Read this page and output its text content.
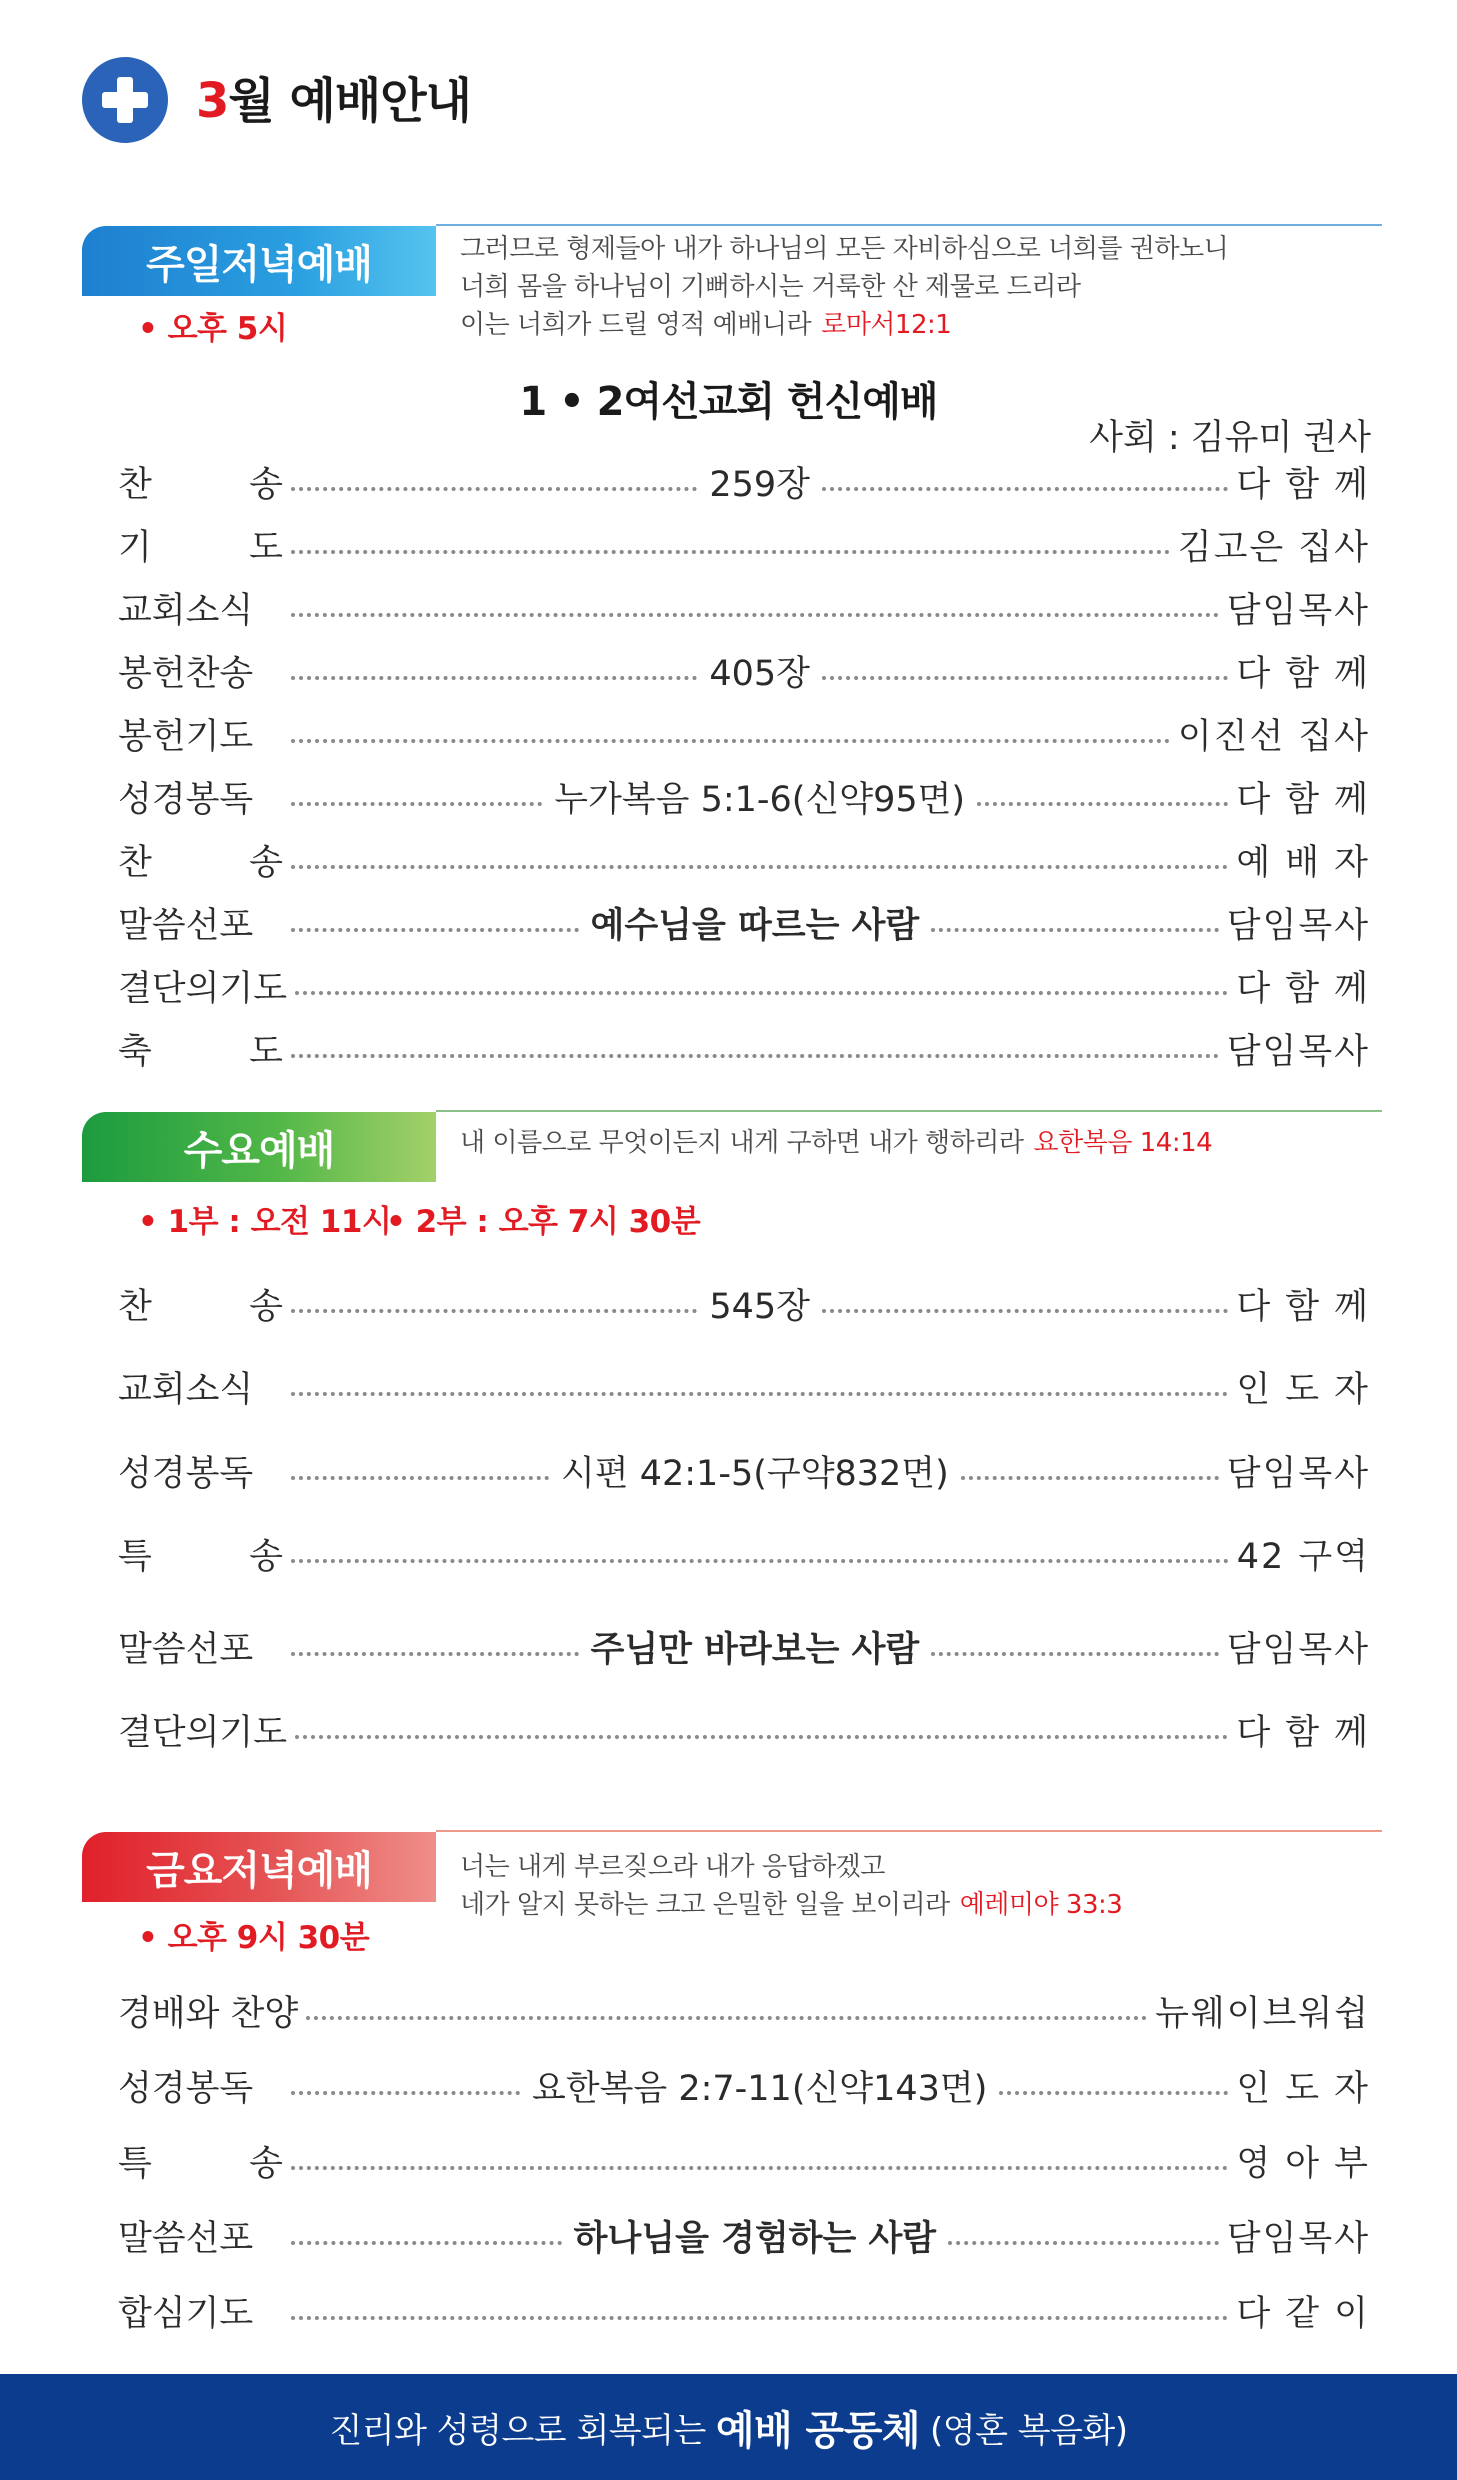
3월 예배안내
주일저녁예배	그러므로 형제들아 내가 하나님의 모든 자비하심으로 너희를 권하노니
너희 몸을 하나님이 기뻐하시는 거룩한 산 제물로 드리라
이는 너희가 드릴 영적 예배니라 로마서12:1
• 오후 5시
1 • 2여선교회 헌신예배
사회 : 김유미 권사
찬　　송	259장	다 함 께
기　　도	김고은 집사
교회소식	담임목사
봉헌찬송	405장	다 함 께
봉헌기도	이진선 집사
성경봉독	누가복음 5:1-6(신약95면)	다 함 께
찬　　송	예 배 자
말씀선포	예수님을 따르는 사람	담임목사
결단의기도	다 함 께
축　　도	담임목사
수요예배	내 이름으로 무엇이든지 내게 구하면 내가 행하리라 요한복음 14:14
• 1부 : 오전 11시
• 2부 : 오후 7시 30분
찬　　송	545장	다 함 께
교회소식	인 도 자
성경봉독	시편 42:1-5(구약832면)	담임목사
특　　송	42 구역
말씀선포	주님만 바라보는 사람	담임목사
결단의기도	다 함 께
금요저녁예배	너는 내게 부르짖으라 내가 응답하겠고
네가 알지 못하는 크고 은밀한 일을 보이리라 예레미야 33:3
• 오후 9시 30분
경배와 찬양	뉴웨이브워쉽
성경봉독	요한복음 2:7-11(신약143면)	인 도 자
특　　송	영 아 부
말씀선포	하나님을 경험하는 사람	담임목사
합심기도	다 같 이
진리와 성령으로 회복되는 예배 공동체 (영혼 복음화)
